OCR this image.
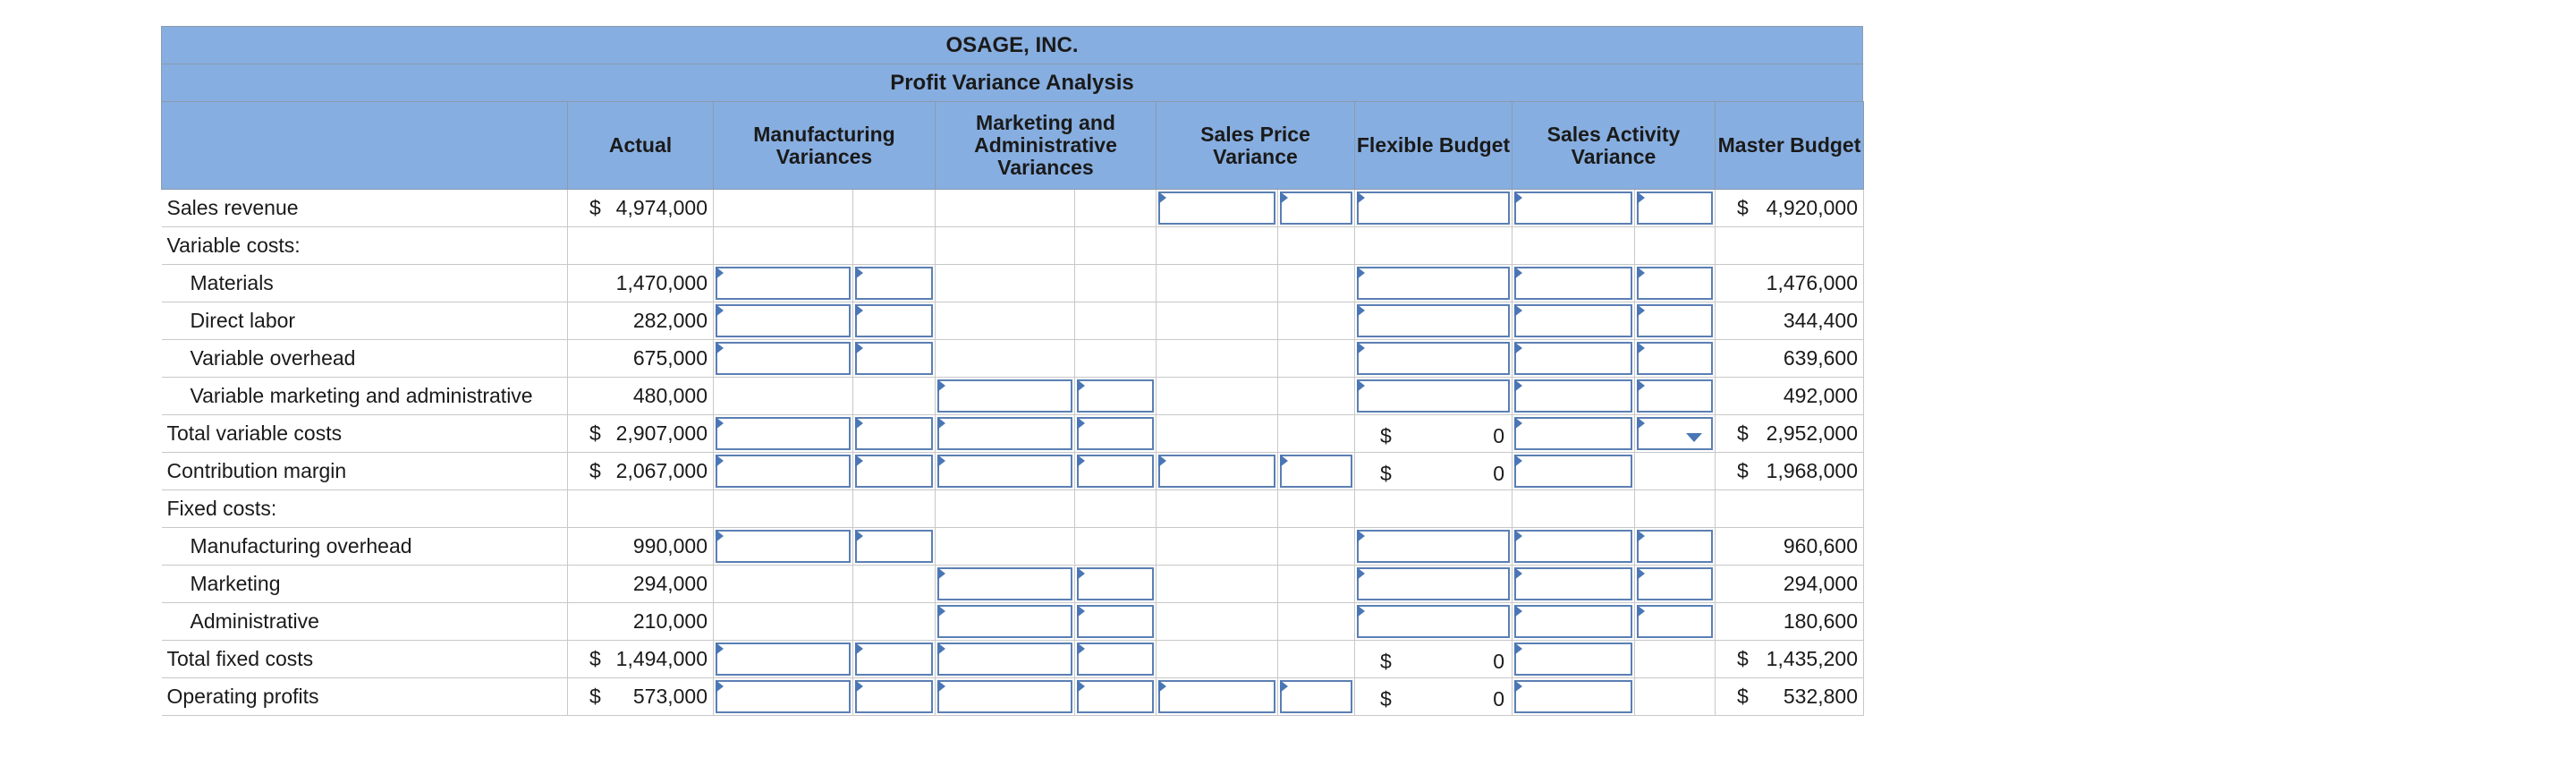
OSAGE, INC.
Profit Variance Analysis
	Actual	Manufacturing Variances		Marketing and Administrative Variances		Sales Price Variance		Flexible Budget	Sales Activity Variance		Master Budget
Sales revenue	$ 4,974,000										$ 4,920,000
Variable costs:											
Materials	1,470,000										1,476,000
Direct labor	282,000										344,400
Variable overhead	675,000										639,600
Variable marketing and administrative	480,000										492,000
Total variable costs	$ 2,907,000							$ 0			$ 2,952,000
Contribution margin	$ 2,067,000							$ 0			$ 1,968,000
Fixed costs:											
Manufacturing overhead	990,000										960,600
Marketing	294,000										294,000
Administrative	210,000										180,600
Total fixed costs	$ 1,494,000							$ 0			$ 1,435,200
Operating profits	$ 573,000							$ 0			$ 532,800
